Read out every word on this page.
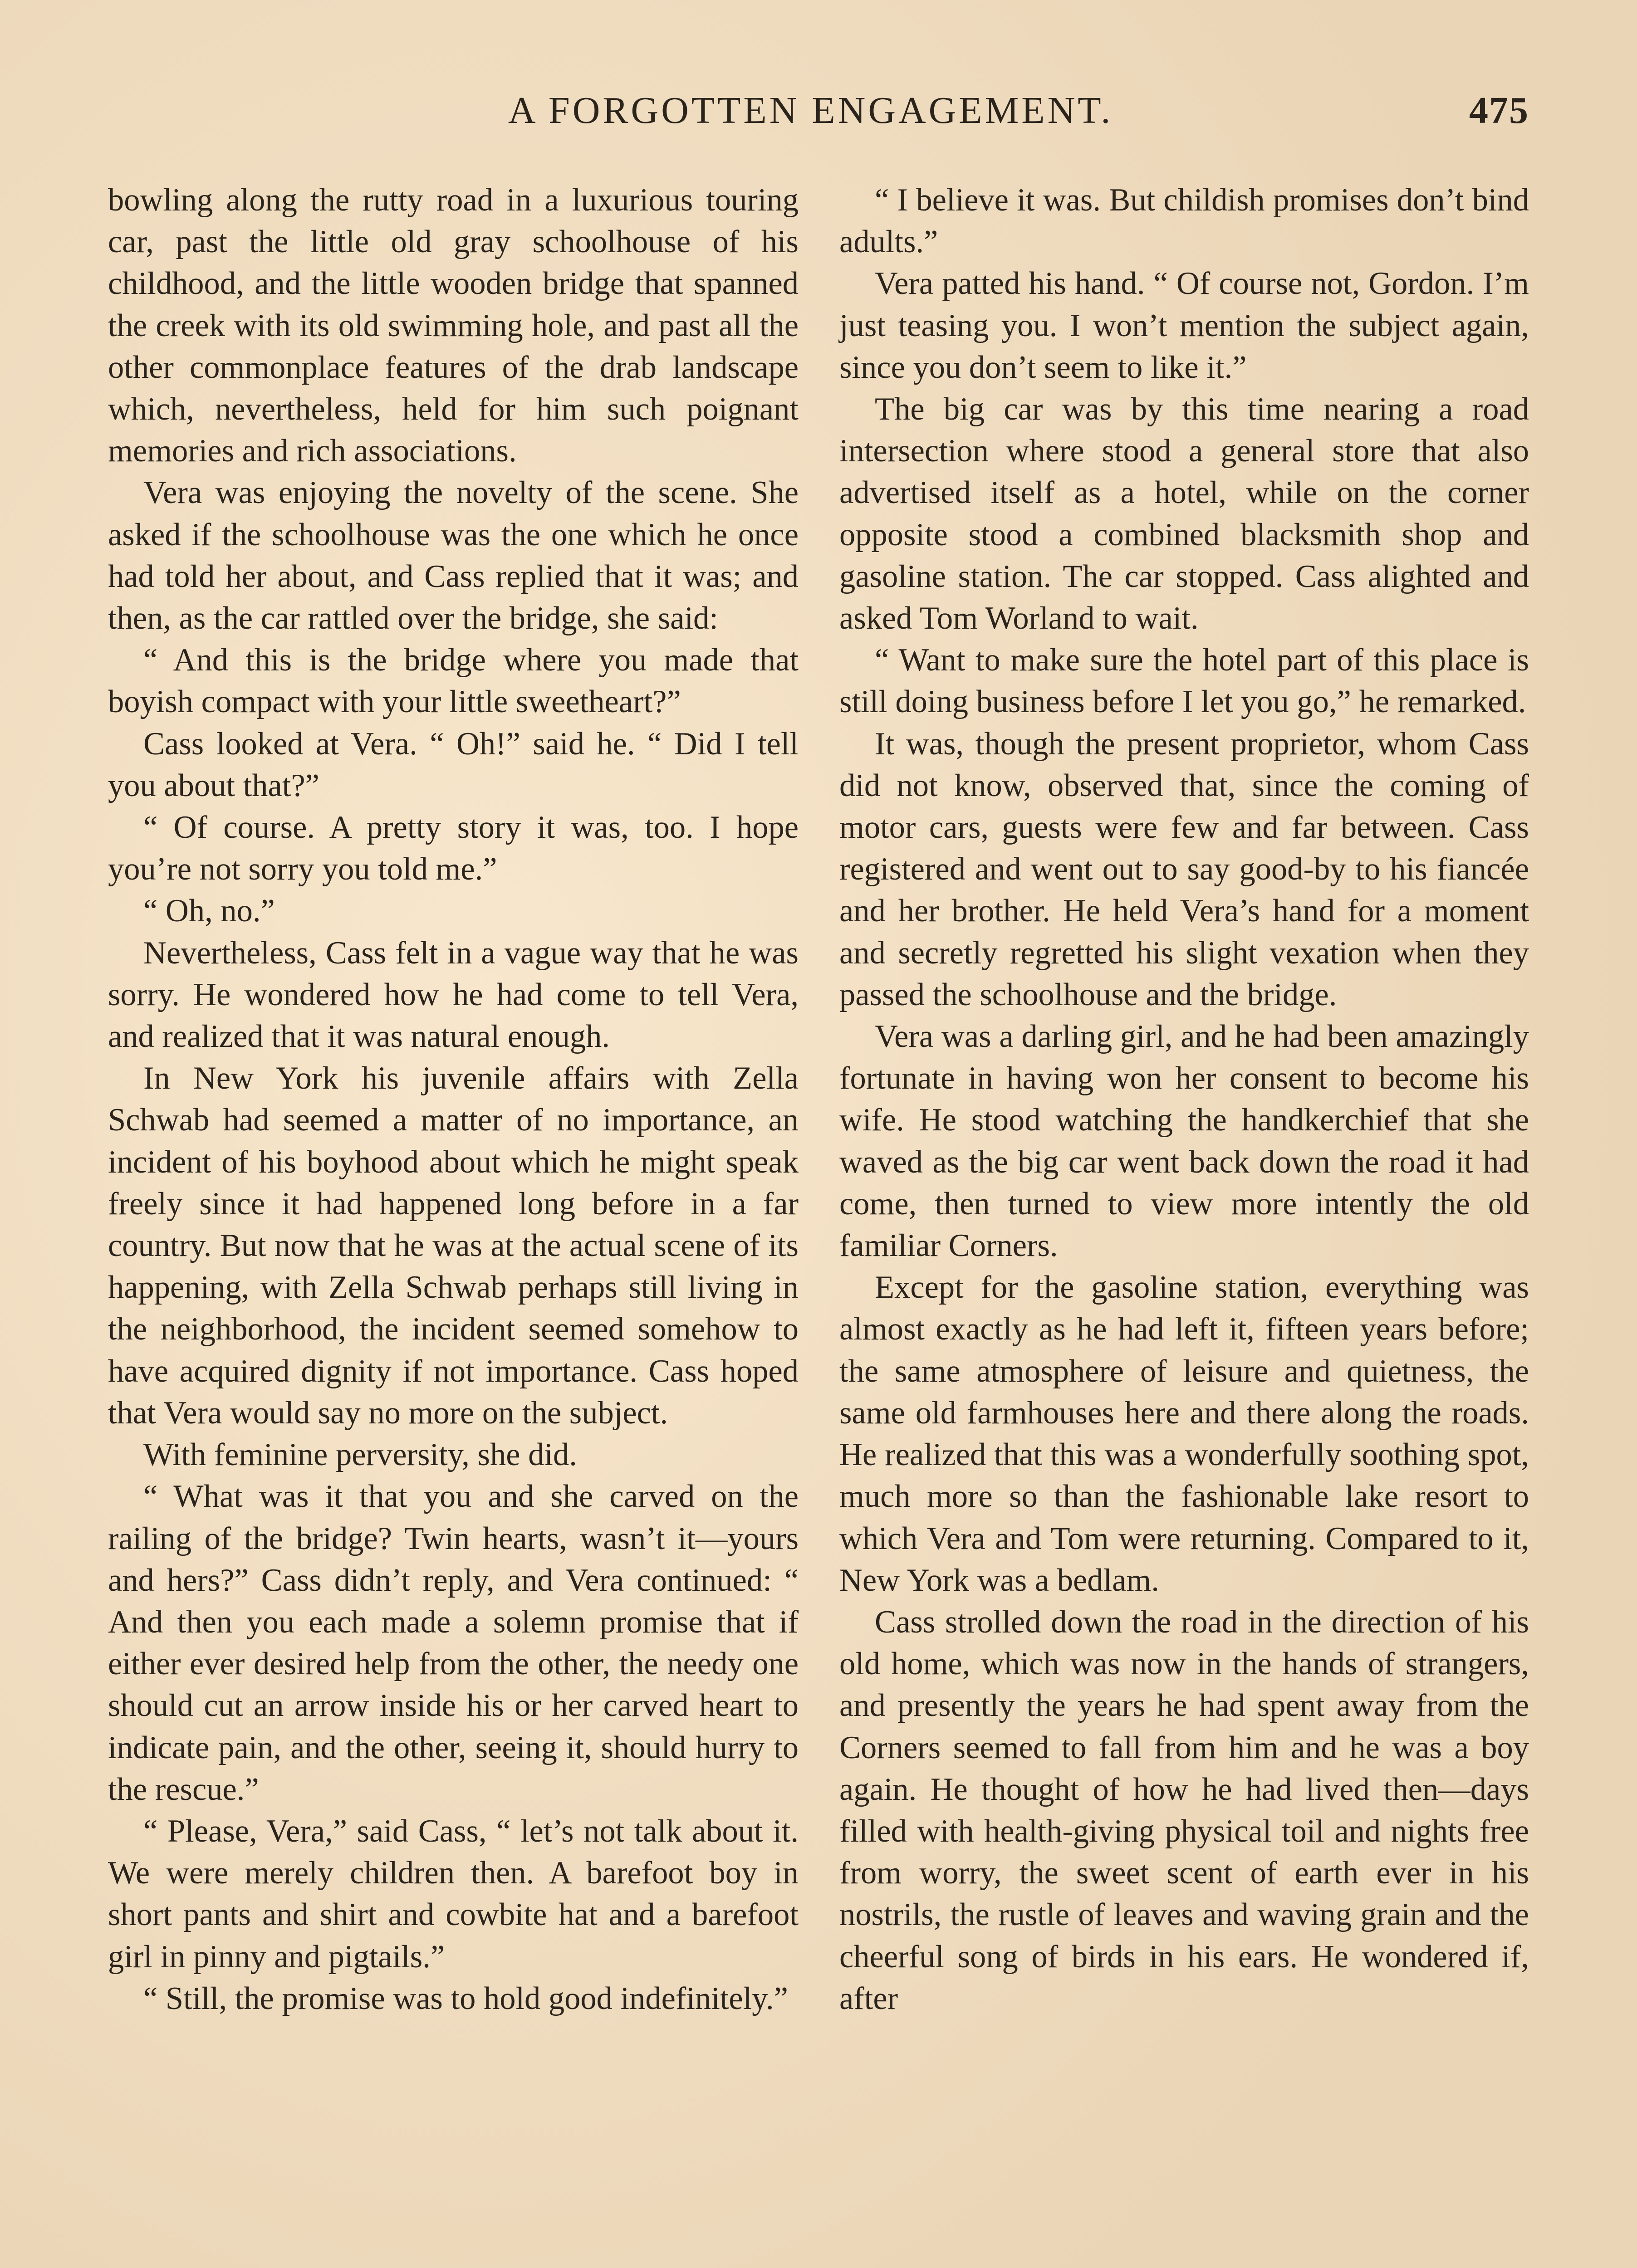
A FORGOTTEN ENGAGEMENT.	475

bowling along the rutty road in a luxurious touring car, past the little old gray schoolhouse of his childhood, and the little wooden bridge that spanned the creek with its old swimming hole, and past all the other commonplace features of the drab landscape which, nevertheless, held for him such poignant memories and rich associations.

Vera was enjoying the novelty of the scene. She asked if the schoolhouse was the one which he once had told her about, and Cass replied that it was; and then, as the car rattled over the bridge, she said:

“ And this is the bridge where you made that boyish compact with your little sweetheart?”

Cass looked at Vera. “ Oh!” said he. “ Did I tell you about that?”

“ Of course. A pretty story it was, too. I hope you’re not sorry you told me.”

“ Oh, no.”

Nevertheless, Cass felt in a vague way that he was sorry. He wondered how he had come to tell Vera, and realized that it was natural enough.

In New York his juvenile affairs with Zella Schwab had seemed a matter of no importance, an incident of his boyhood about which he might speak freely since it had happened long before in a far country. But now that he was at the actual scene of its happening, with Zella Schwab perhaps still living in the neighborhood, the incident seemed somehow to have acquired dignity if not importance. Cass hoped that Vera would say no more on the subject.

With feminine perversity, she did.

“ What was it that you and she carved on the railing of the bridge? Twin hearts, wasn’t it—yours and hers?” Cass didn’t reply, and Vera continued: “ And then you each made a solemn promise that if either ever desired help from the other, the needy one should cut an arrow inside his or her carved heart to indicate pain, and the other, seeing it, should hurry to the rescue.”

“ Please, Vera,” said Cass, “ let’s not talk about it. We were merely children then. A barefoot boy in short pants and shirt and cowbite hat and a barefoot girl in pinny and pigtails.”

“ Still, the promise was to hold good indefinitely.”

“ I believe it was. But childish promises don’t bind adults.”

Vera patted his hand. “ Of course not, Gordon. I’m just teasing you. I won’t mention the subject again, since you don’t seem to like it.”

The big car was by this time nearing a road intersection where stood a general store that also advertised itself as a hotel, while on the corner opposite stood a combined blacksmith shop and gasoline station. The car stopped. Cass alighted and asked Tom Worland to wait.

“ Want to make sure the hotel part of this place is still doing business before I let you go,” he remarked.

It was, though the present proprietor, whom Cass did not know, observed that, since the coming of motor cars, guests were few and far between. Cass registered and went out to say good-by to his fiancée and her brother. He held Vera’s hand for a moment and secretly regretted his slight vexation when they passed the schoolhouse and the bridge.

Vera was a darling girl, and he had been amazingly fortunate in having won her consent to become his wife. He stood watching the handkerchief that she waved as the big car went back down the road it had come, then turned to view more intently the old familiar Corners.

Except for the gasoline station, everything was almost exactly as he had left it, fifteen years before; the same atmosphere of leisure and quietness, the same old farmhouses here and there along the roads. He realized that this was a wonderfully soothing spot, much more so than the fashionable lake resort to which Vera and Tom were returning. Compared to it, New York was a bedlam.

Cass strolled down the road in the direction of his old home, which was now in the hands of strangers, and presently the years he had spent away from the Corners seemed to fall from him and he was a boy again. He thought of how he had lived then—days filled with health-giving physical toil and nights free from worry, the sweet scent of earth ever in his nostrils, the rustle of leaves and waving grain and the cheerful song of birds in his ears. He wondered if, after
